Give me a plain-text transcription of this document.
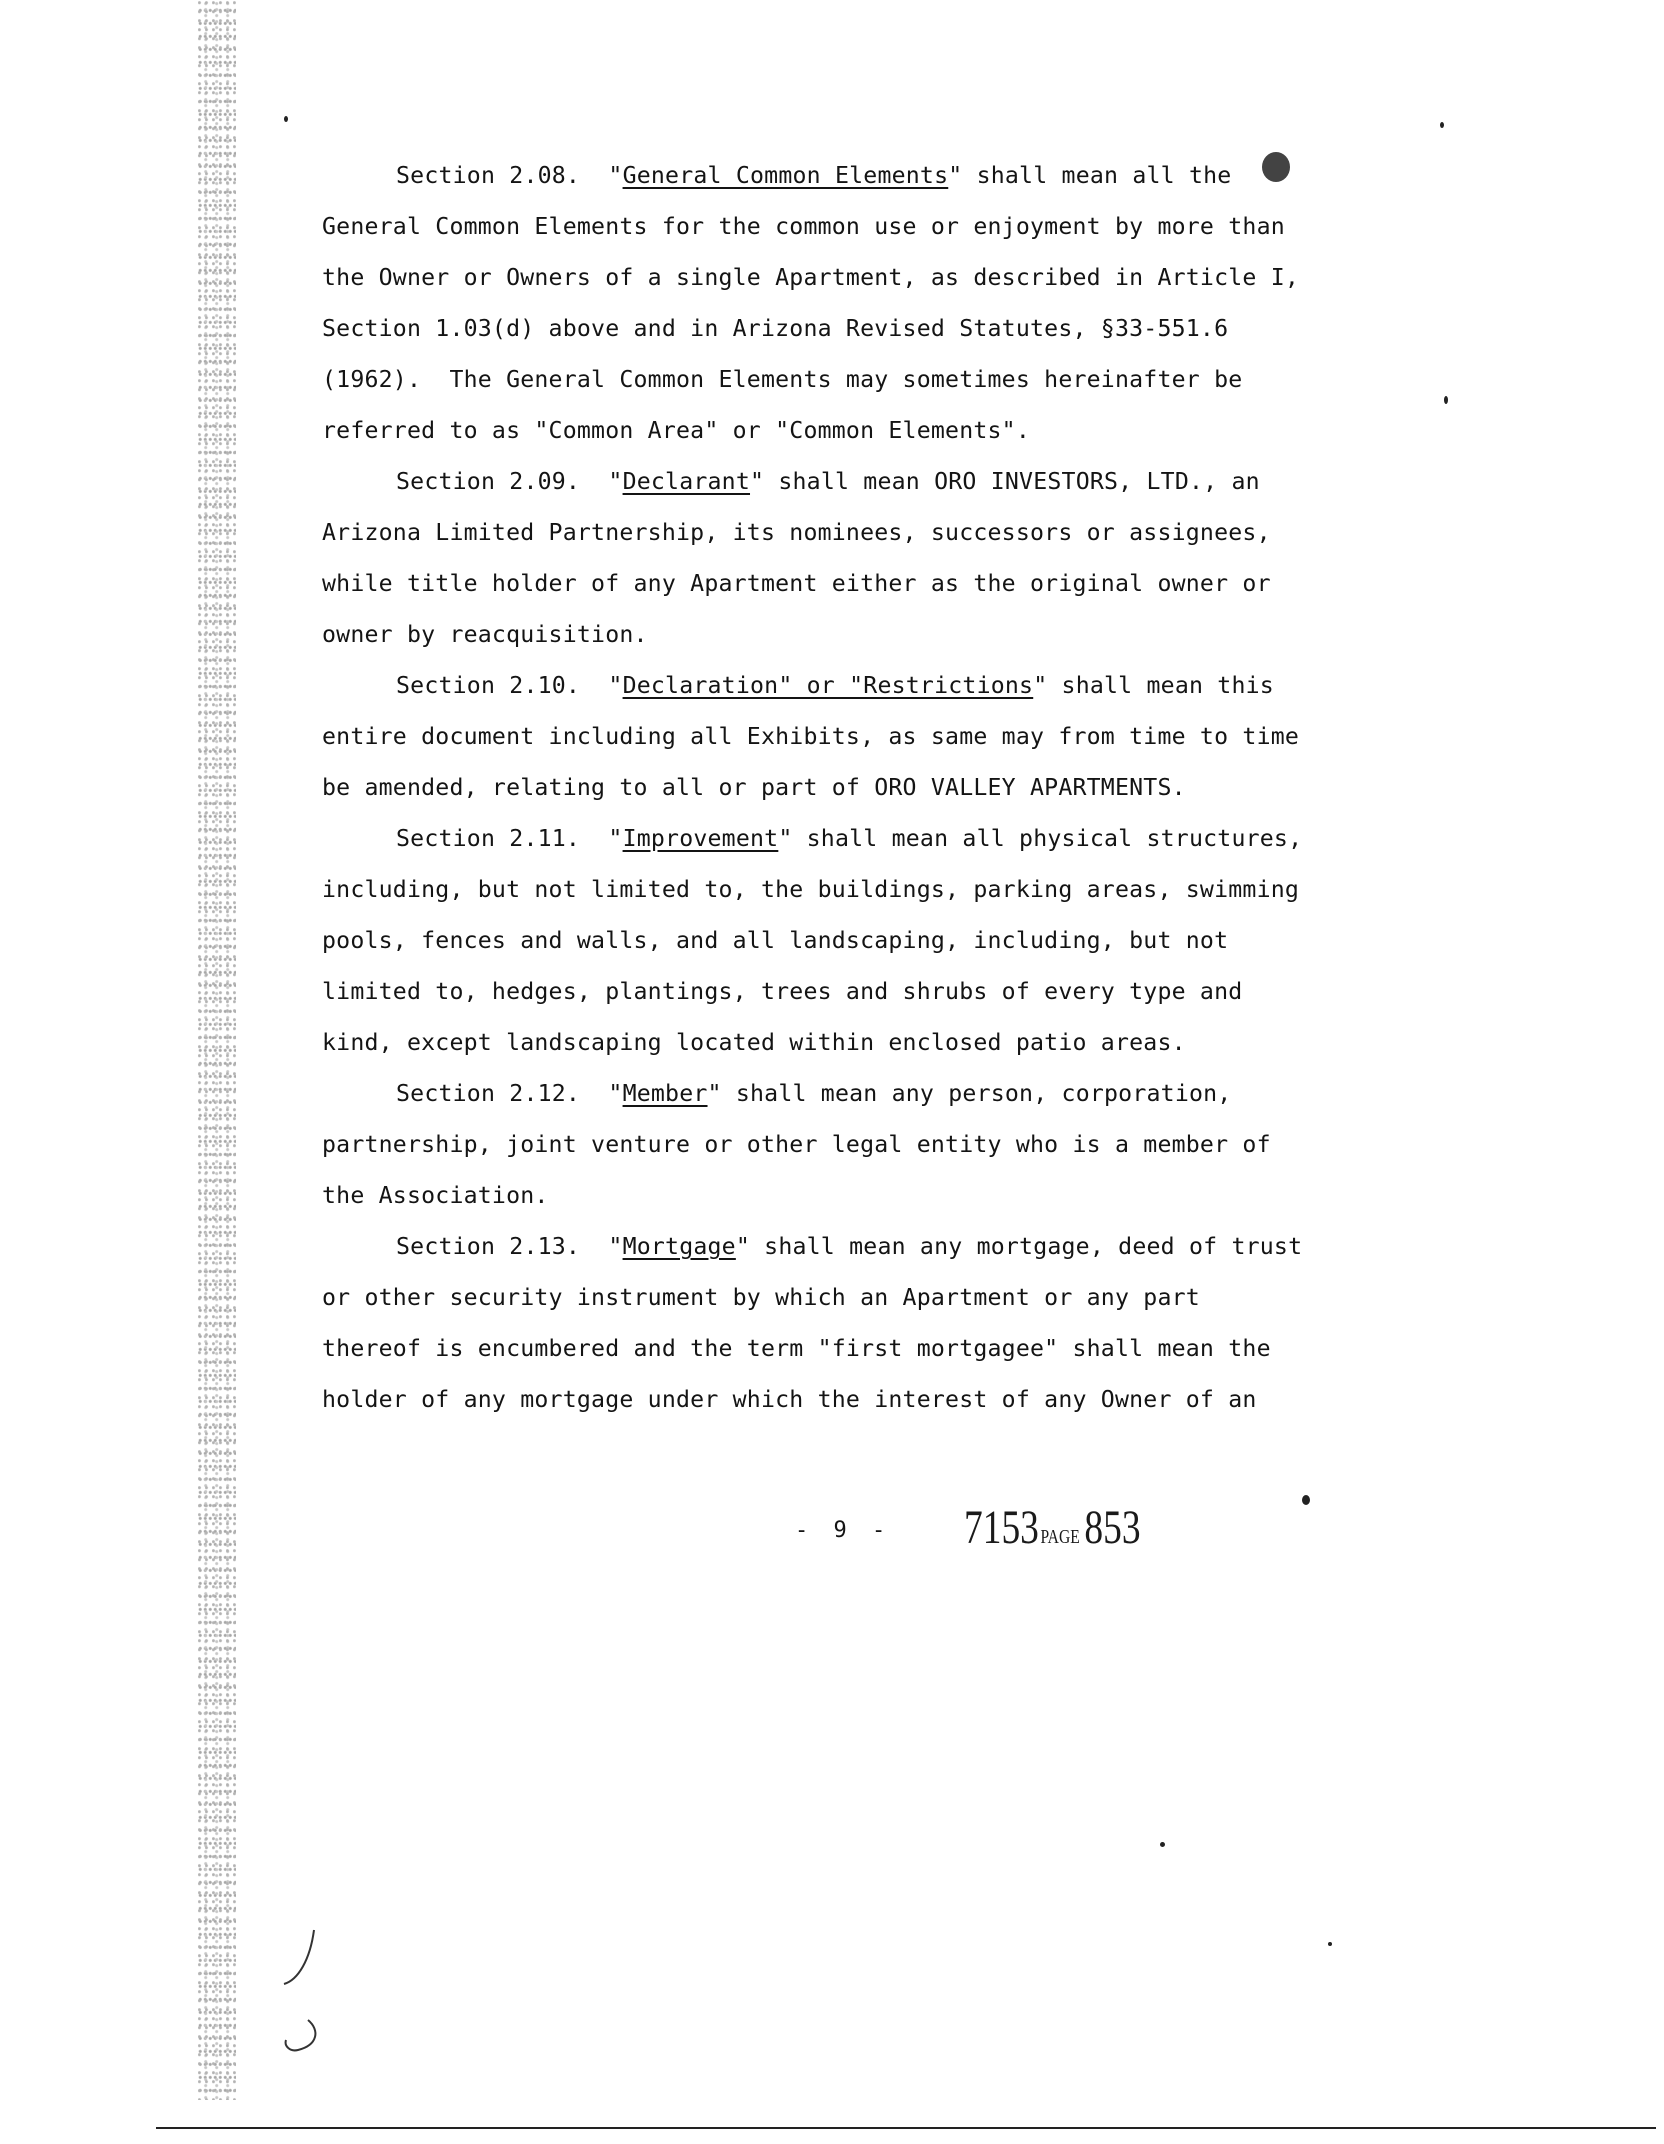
Section 2.08.  "General Common Elements" shall mean all the
General Common Elements for the common use or enjoyment by more than
the Owner or Owners of a single Apartment, as described in Article I,
Section 1.03(d) above and in Arizona Revised Statutes, §33-551.6
(1962).  The General Common Elements may sometimes hereinafter be
referred to as "Common Area" or "Common Elements".
Section 2.09.  "Declarant" shall mean ORO INVESTORS, LTD., an
Arizona Limited Partnership, its nominees, successors or assignees,
while title holder of any Apartment either as the original owner or
owner by reacquisition.
Section 2.10.  "Declaration" or "Restrictions" shall mean this
entire document including all Exhibits, as same may from time to time
be amended, relating to all or part of ORO VALLEY APARTMENTS.
Section 2.11.  "Improvement" shall mean all physical structures,
including, but not limited to, the buildings, parking areas, swimming
pools, fences and walls, and all landscaping, including, but not
limited to, hedges, plantings, trees and shrubs of every type and
kind, except landscaping located within enclosed patio areas.
Section 2.12.  "Member" shall mean any person, corporation,
partnership, joint venture or other legal entity who is a member of
the Association.
Section 2.13.  "Mortgage" shall mean any mortgage, deed of trust
or other security instrument by which an Apartment or any part
thereof is encumbered and the term "first mortgagee" shall mean the
holder of any mortgage under which the interest of any Owner of an
- 9 - 7153PAGE853
